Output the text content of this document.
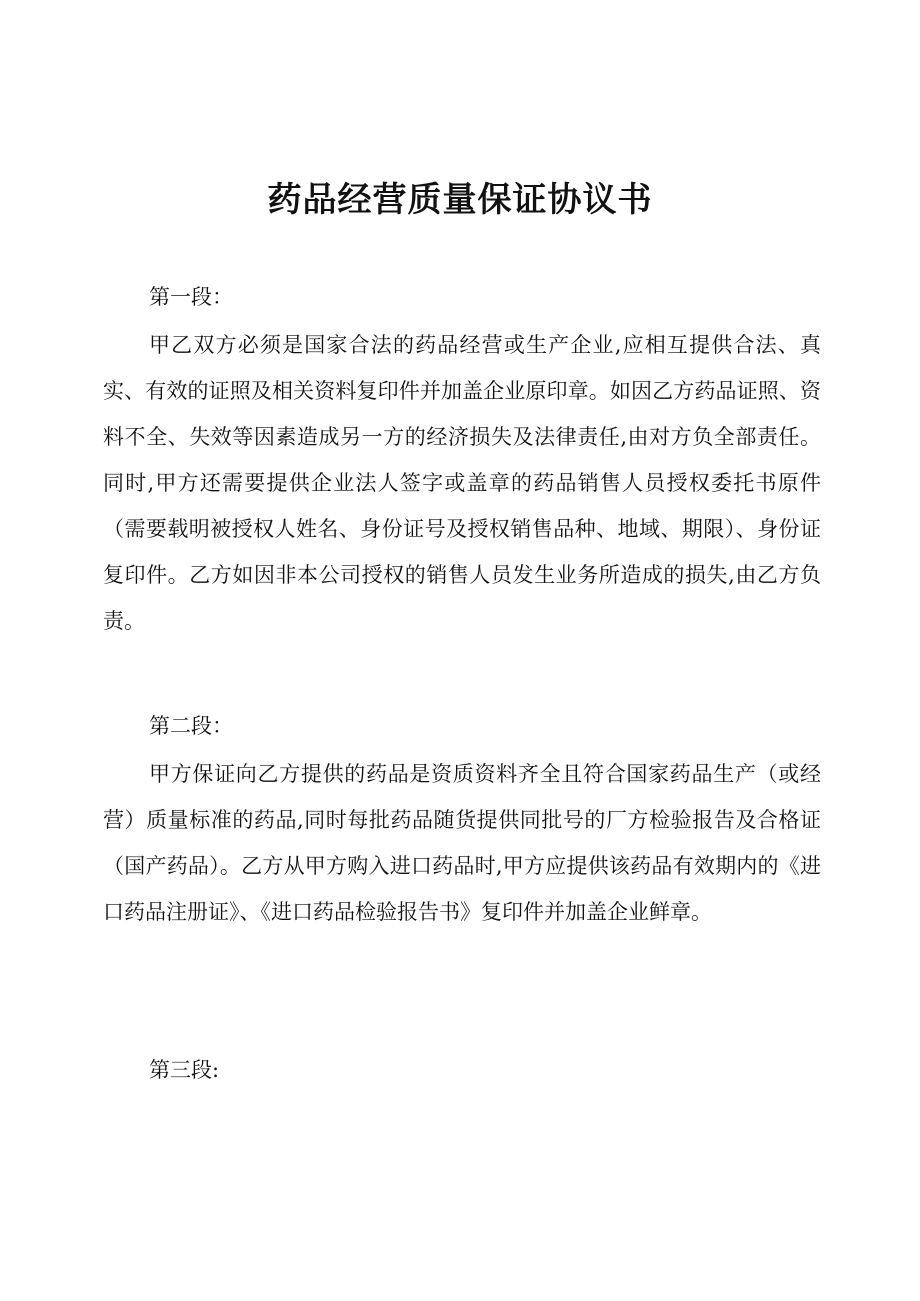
药品经营质量保证协议书

第一段：

甲乙双方必须是国家合法的药品经营或生产企业,应相互提供合法、真实、有效的证照及相关资料复印件并加盖企业原印章。如因乙方药品证照、资料不全、失效等因素造成另一方的经济损失及法律责任,由对方负全部责任。同时,甲方还需要提供企业法人签字或盖章的药品销售人员授权委托书原件（需要载明被授权人姓名、身份证号及授权销售品种、地域、期限）、身份证复印件。乙方如因非本公司授权的销售人员发生业务所造成的损失,由乙方负责。

第二段：

甲方保证向乙方提供的药品是资质资料齐全且符合国家药品生产（或经营）质量标准的药品,同时每批药品随货提供同批号的厂方检验报告及合格证（国产药品）。乙方从甲方购入进口药品时,甲方应提供该药品有效期内的《进口药品注册证》、《进口药品检验报告书》复印件并加盖企业鲜章。

第三段:
